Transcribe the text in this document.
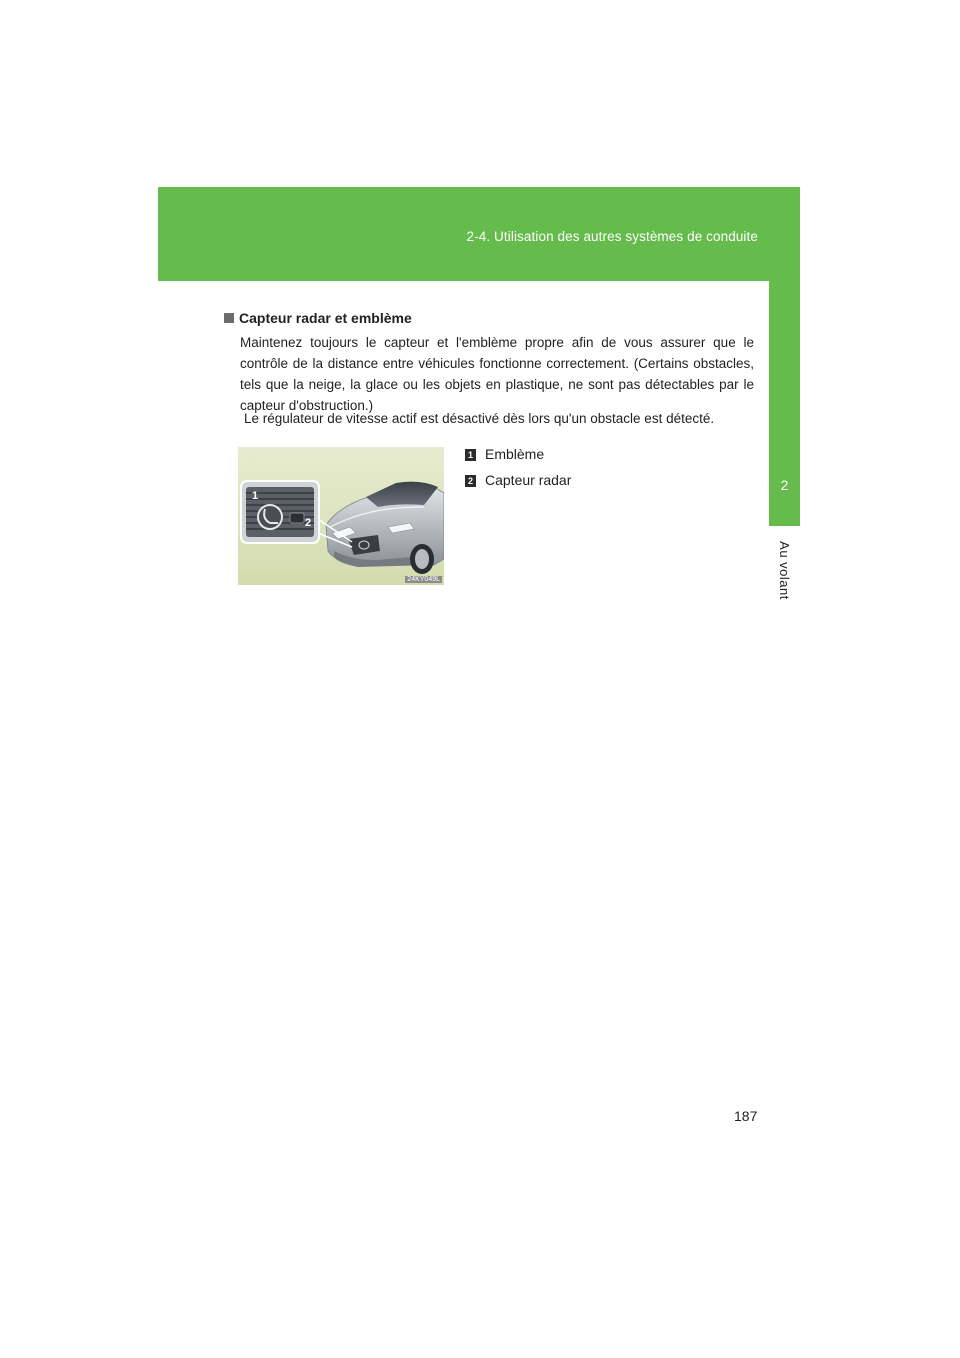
2-4. Utilisation des autres systèmes de conduite
2
Au volant
Capteur radar et emblème

Maintenez toujours le capteur et l'emblème propre afin de vous assurer que le contrôle de la distance entre véhicules fonctionne correctement. (Certains obstacles, tels que la neige, la glace ou les objets en plastique, ne sont pas détectables par le capteur d'obstruction.)

Le régulateur de vitesse actif est désactivé dès lors qu'un obstacle est détecté.

1
2
24KY049L
1 Emblème
2 Capteur radar
187
